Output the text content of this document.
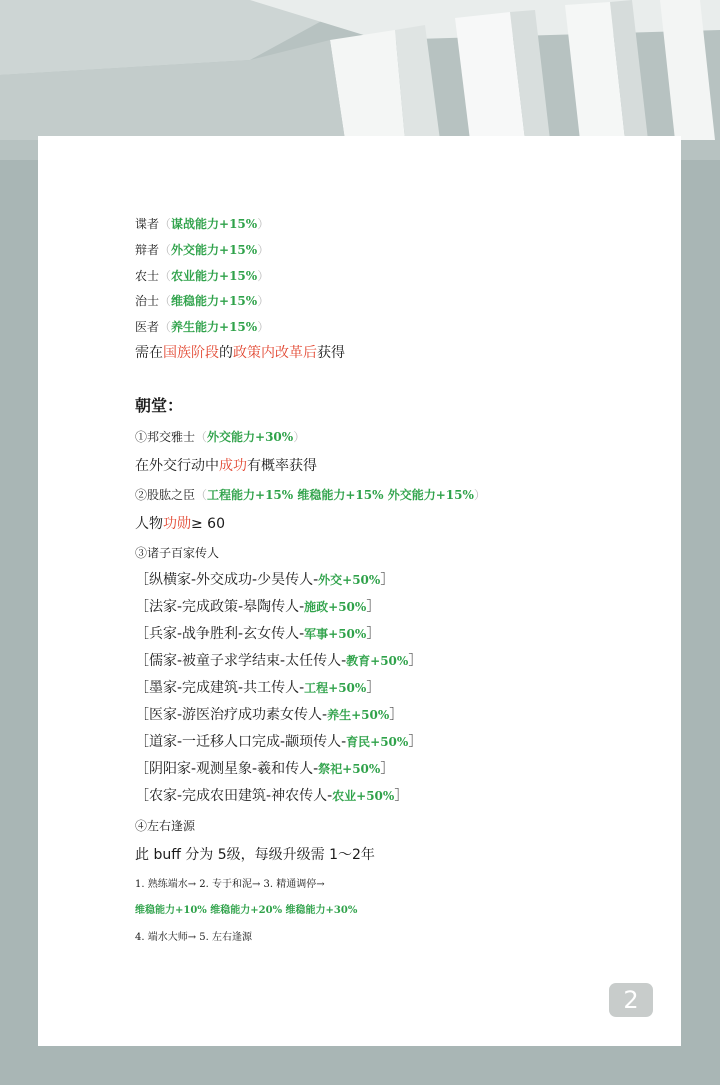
谍者（谋战能力+15%）
辩者（外交能力+15%）
农士（农业能力+15%）
治士（维稳能力+15%）
医者（养生能力+15%）
需在国族阶段的政策内改革后获得
朝堂：
①邦交雅士（外交能力+30%）
在外交行动中成功有概率获得
②股肱之臣（工程能力+15% 维稳能力+15% 外交能力+15%）
人物功勋≥ 60
③诸子百家传人
［纵横家-外交成功-少昊传人-外交+50%］
［法家-完成政策-皋陶传人-施政+50%］
［兵家-战争胜利-玄女传人-军事+50%］
［儒家-被童子求学结束-太任传人-教育+50%］
［墨家-完成建筑-共工传人-工程+50%］
［医家-游医治疗成功素女传人-养生+50%］
［道家-一迁移人口完成-颛顼传人-育民+50%］
［阴阳家-观测星象-羲和传人-祭祀+50%］
［农家-完成农田建筑-神农传人-农业+50%］
④左右逢源
此 buff 分为 5级，每级升级需 1～2年
1. 熟练端水→ 2. 专于和泥→ 3. 精通调停→
维稳能力+10% 维稳能力+20% 维稳能力+30%
4. 端水大师→ 5. 左右逢源
2
